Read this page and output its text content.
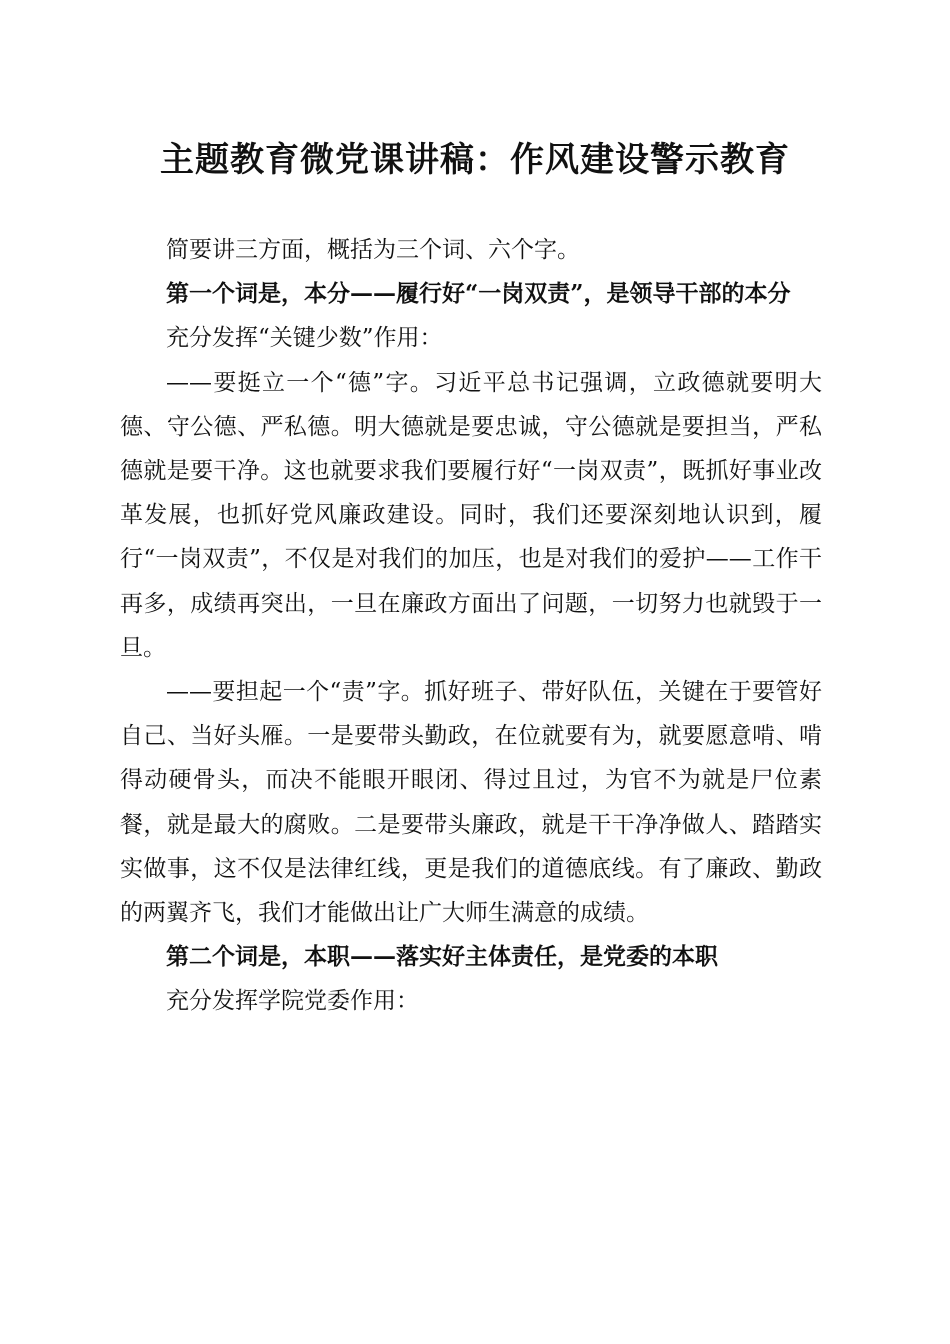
主题教育微党课讲稿：作风建设警示教育

简要讲三方面，概括为三个词、六个字。

第一个词是，本分——履行好“一岗双责”，是领导干部的本分

充分发挥“关键少数”作用：

——要挺立一个“德”字。习近平总书记强调，立政德就要明大德、守公德、严私德。明大德就是要忠诚，守公德就是要担当，严私德就是要干净。这也就要求我们要履行好“一岗双责”，既抓好事业改革发展，也抓好党风廉政建设。同时，我们还要深刻地认识到，履行“一岗双责”，不仅是对我们的加压，也是对我们的爱护——工作干再多，成绩再突出，一旦在廉政方面出了问题，一切努力也就毁于一旦。

——要担起一个“责”字。抓好班子、带好队伍，关键在于要管好自己、当好头雁。一是要带头勤政，在位就要有为，就要愿意啃、啃得动硬骨头，而决不能眼开眼闭、得过且过，为官不为就是尸位素餐，就是最大的腐败。二是要带头廉政，就是干干净净做人、踏踏实实做事，这不仅是法律红线，更是我们的道德底线。有了廉政、勤政的两翼齐飞，我们才能做出让广大师生满意的成绩。

第二个词是，本职——落实好主体责任，是党委的本职

充分发挥学院党委作用：
